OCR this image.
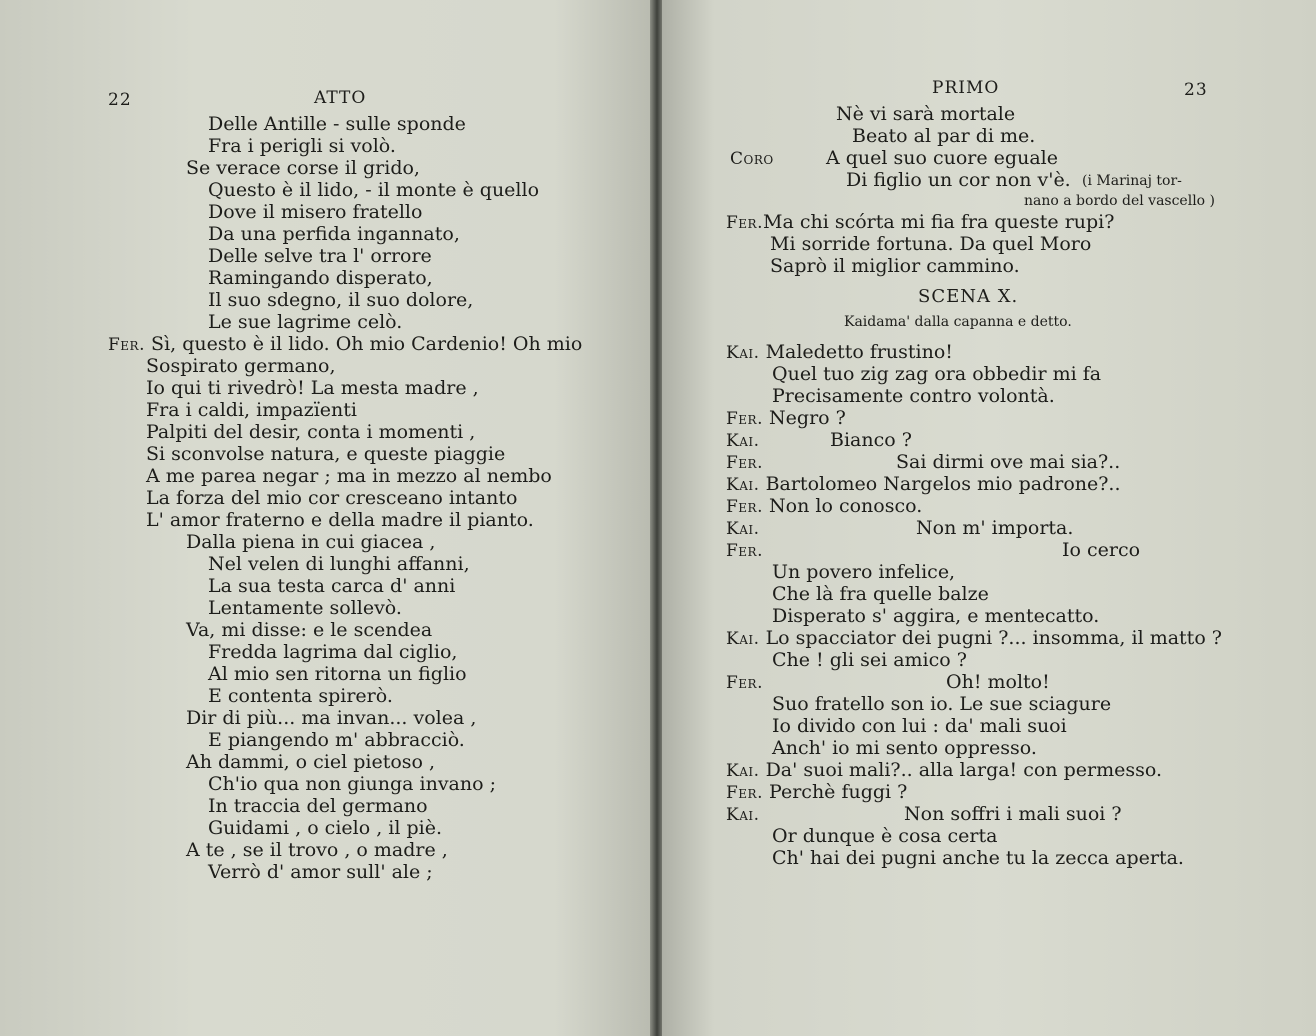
22	ATTO
Delle Antille - sulle sponde
Fra i perigli si volò.
Se verace corse il grido,
Questo è il lido, - il monte è quello
Dove il misero fratello
Da una perfida ingannato,
Delle selve tra l' orrore
Ramingando disperato,
Il suo sdegno, il suo dolore,
Le sue lagrime celò.
Fer. Sì, questo è il lido. Oh mio Cardenio! Oh mio
Sospirato germano,
Io qui ti rivedrò! La mesta madre ,
Fra i caldi, impazïenti
Palpiti del desir, conta i momenti ,
Si sconvolse natura, e queste piaggie
A me parea negar ; ma in mezzo al nembo
La forza del mio cor cresceano intanto
L' amor fraterno e della madre il pianto.
Dalla piena in cui giacea ,
Nel velen di lunghi affanni,
La sua testa carca d' anni
Lentamente sollevò.
Va, mi disse: e le scendea
Fredda lagrima dal ciglio,
Al mio sen ritorna un figlio
E contenta spirerò.
Dir di più... ma invan... volea ,
E piangendo m' abbracciò.
Ah dammi, o ciel pietoso ,
Ch'io qua non giunga invano ;
In traccia del germano
Guidami , o cielo , il piè.
A te , se il trovo , o madre ,
Verrò d' amor sull' ale ;
PRIMO	23
Nè vi sarà mortale
Beato al par di me.
Coro	A quel suo cuore eguale
Di figlio un cor non v'è. (i Marinaj tor-
nano a bordo del vascello )
Fer.Ma chi scórta mi fia fra queste rupi?
Mi sorride fortuna. Da quel Moro
Saprò il miglior cammino.
SCENA X.
Kaidama' dalla capanna e detto.
Kai. Maledetto frustino!
Quel tuo zig zag ora obbedir mi fa
Precisamente contro volontà.
Fer. Negro ?
Kai.	Bianco ?
Fer.	Sai dirmi ove mai sia?..
Kai. Bartolomeo Nargelos mio padrone?..
Fer. Non lo conosco.
Kai.	Non m' importa.
Fer.	Io cerco
Un povero infelice,
Che là fra quelle balze
Disperato s' aggira, e mentecatto.
Kai. Lo spacciator dei pugni ?... insomma, il matto ?
Che ! gli sei amico ?
Fer.	Oh! molto!
Suo fratello son io. Le sue sciagure
Io divido con lui : da' mali suoi
Anch' io mi sento oppresso.
Kai. Da' suoi mali?.. alla larga! con permesso.
Fer. Perchè fuggi ?
Kai.	Non soffri i mali suoi ?
Or dunque è cosa certa
Ch' hai dei pugni anche tu la zecca aperta.
